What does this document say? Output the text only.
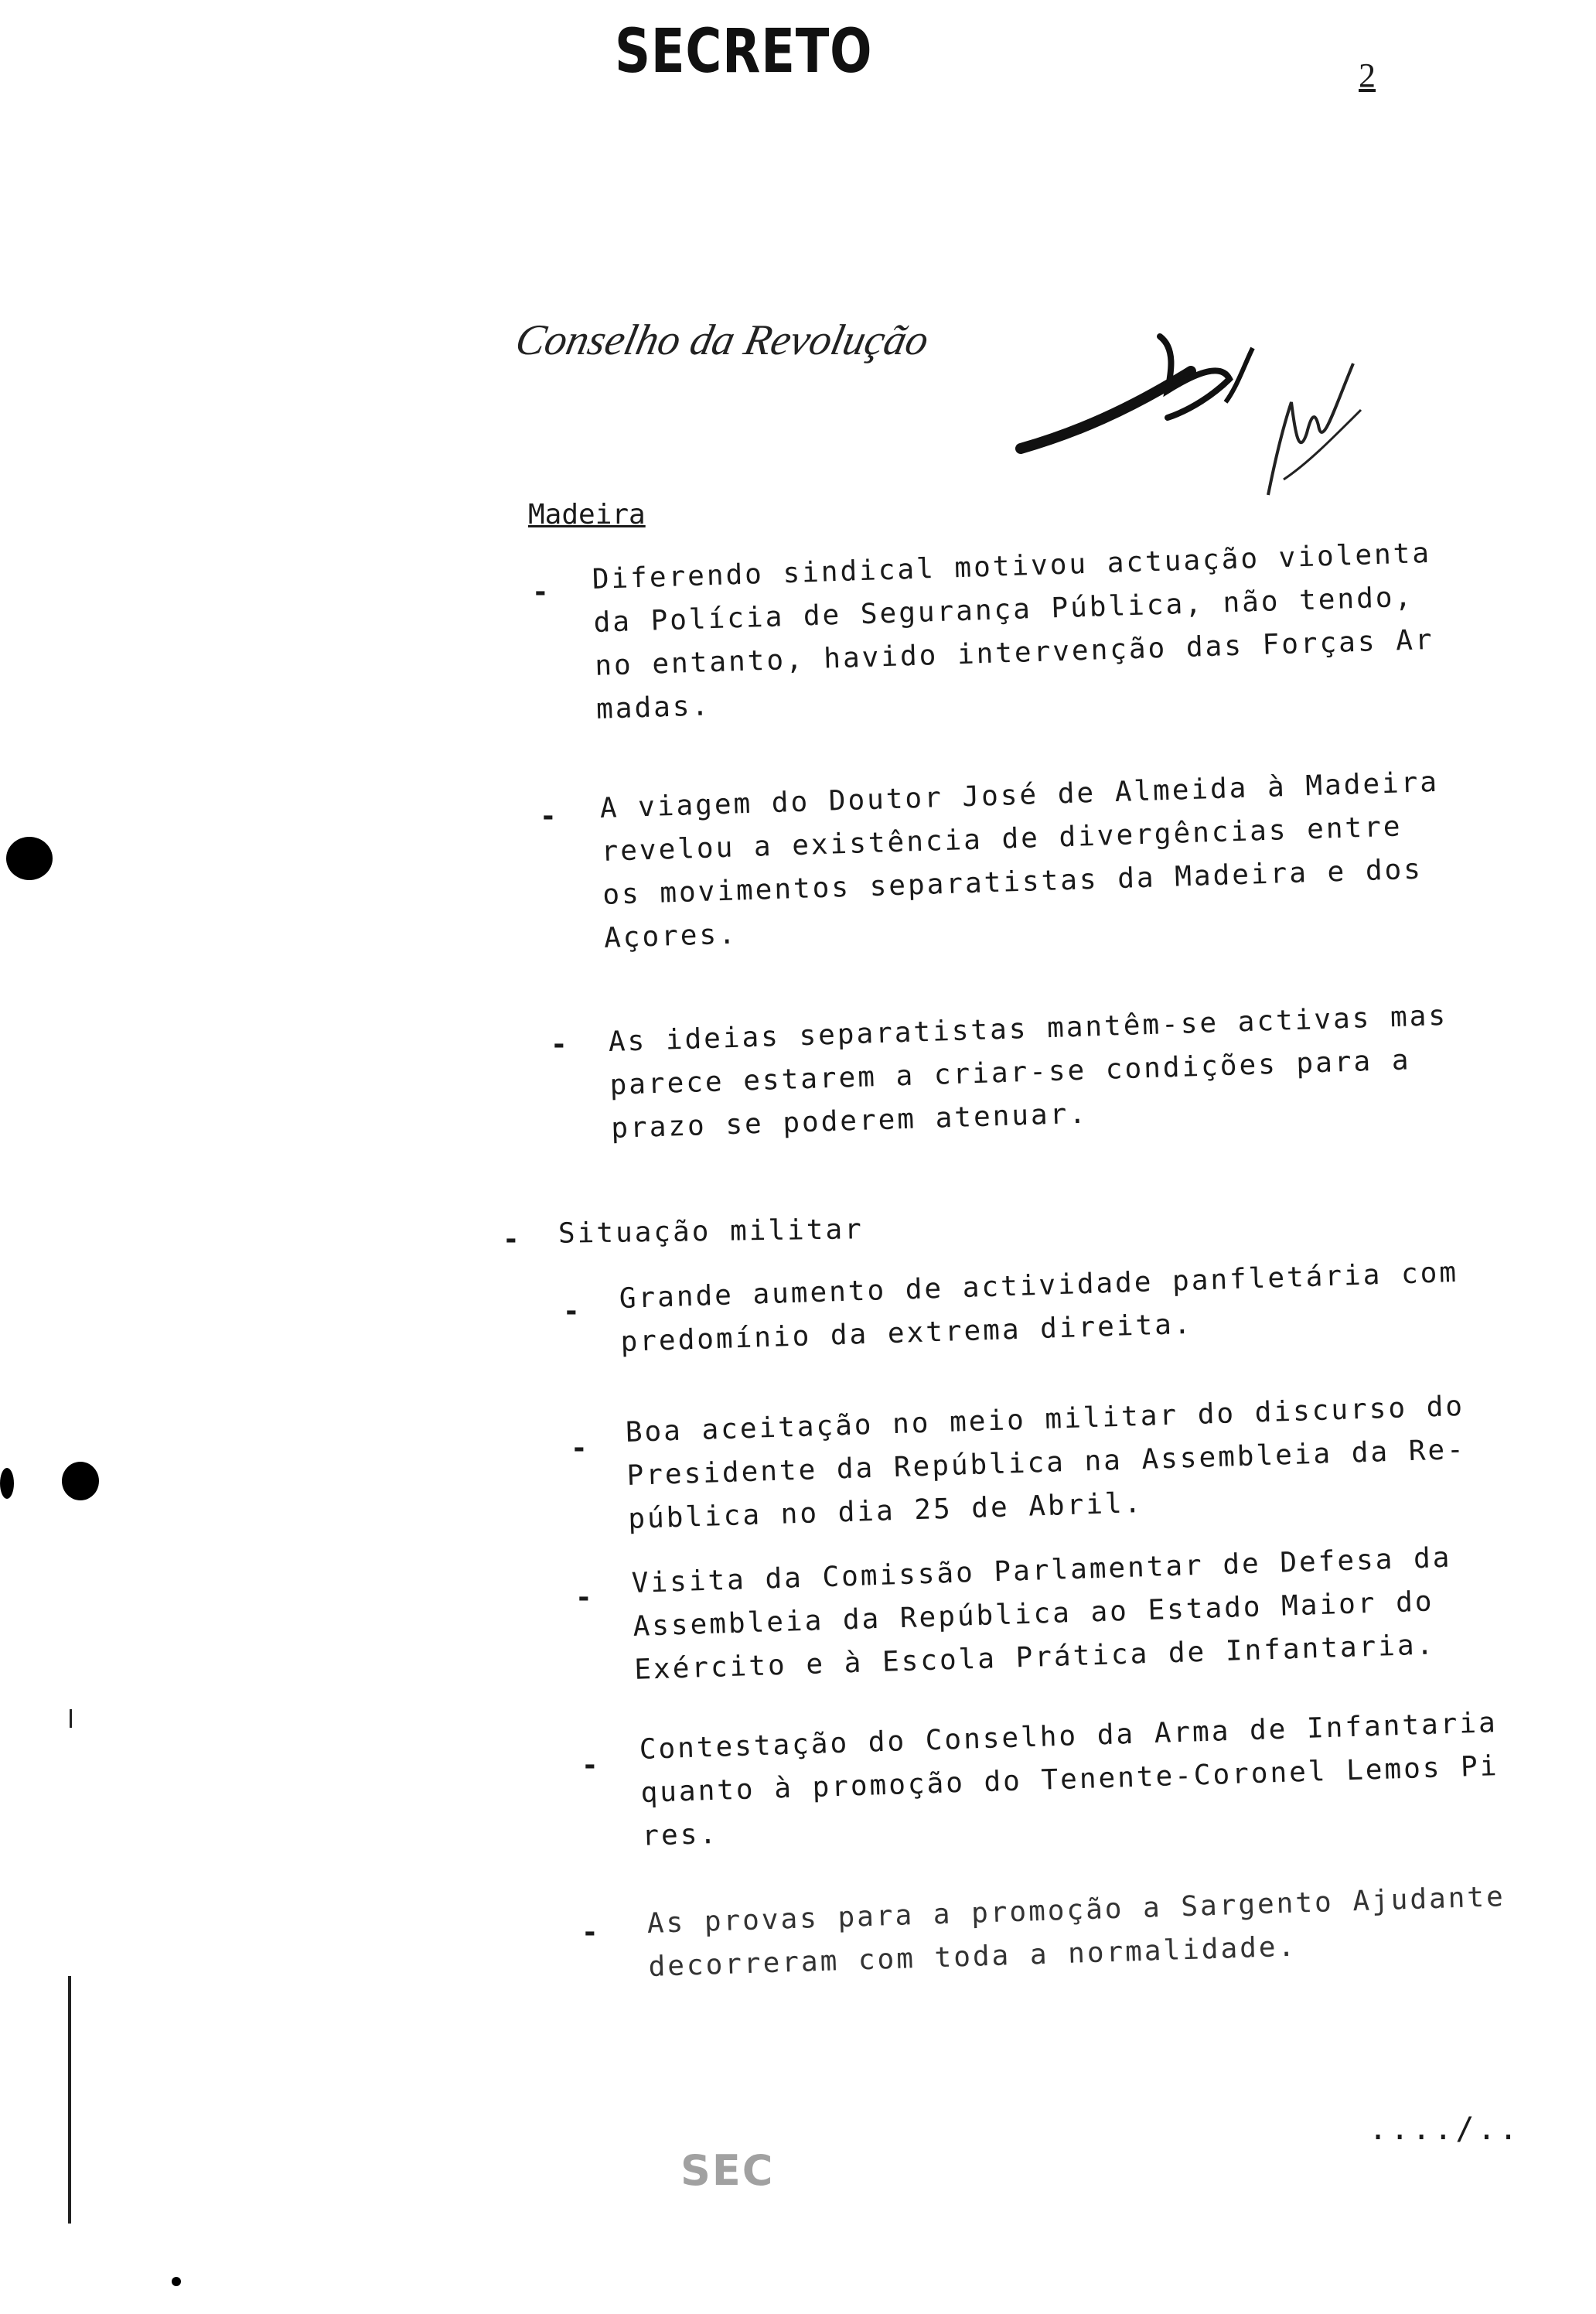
SECRETO	2
Conselho da Revolução
Madeira
- Diferendo sindical motivou actuação violenta
da Polícia de Segurança Pública, não tendo,
no entanto, havido intervenção das Forças Ar
madas.
- A viagem do Doutor José de Almeida à Madeira
revelou a existência de divergências entre
os movimentos separatistas da Madeira e dos
Açores.
- As ideias separatistas mantêm-se activas mas
parece estarem a criar-se condições para a
prazo se poderem atenuar.
- Situação militar
- Grande aumento de actividade panfletária com
predomínio da extrema direita.
- Boa aceitação no meio militar do discurso do
Presidente da República na Assembleia da Re-
pública no dia 25 de Abril.
- Visita da Comissão Parlamentar de Defesa da
Assembleia da República ao Estado Maior do
Exército e à Escola Prática de Infantaria.
- Contestação do Conselho da Arma de Infantaria
quanto à promoção do Tenente-Coronel Lemos Pi
res.
- As provas para a promoção a Sargento Ajudante
decorreram com toda a normalidade.
SEC
..../..
